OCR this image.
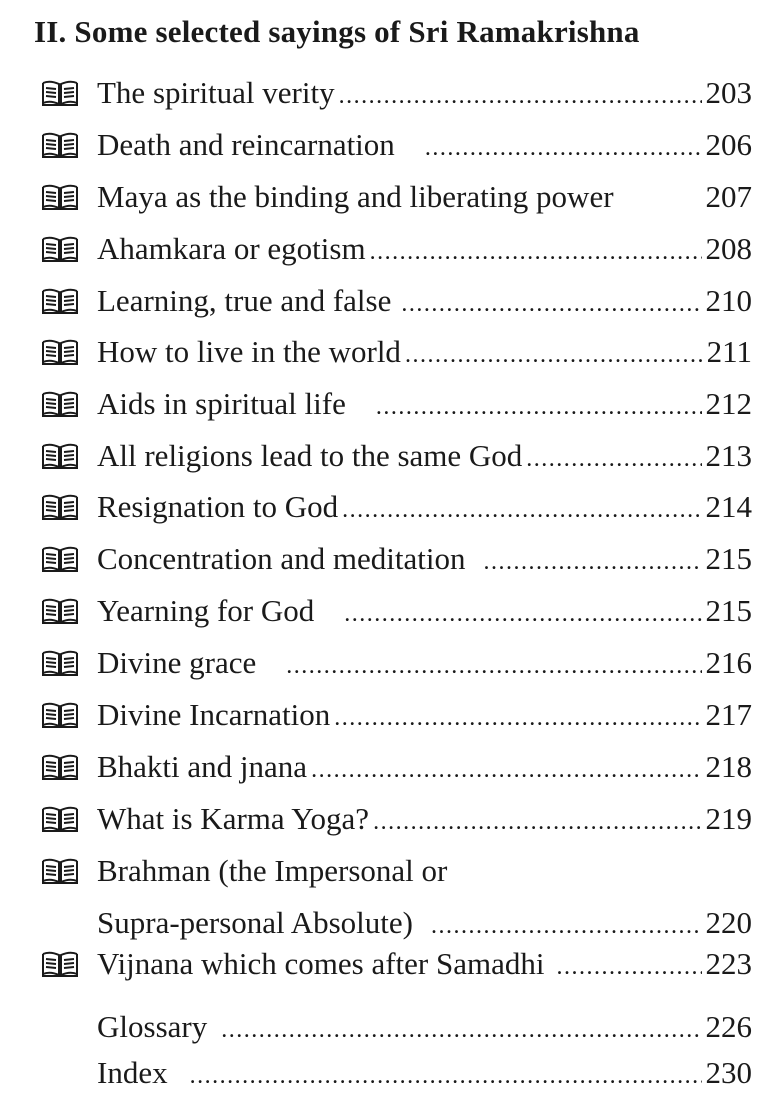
II. Some selected sayings of Sri Ramakrishna
The spiritual verity .....	203
Death and reincarnation .....	206
Maya as the binding and liberating power	207
Ahamkara or egotism .....	208
Learning, true and false .....	210
How to live in the world .....	211
Aids in spiritual life .....	212
All religions lead to the same God .....	213
Resignation to God .....	214
Concentration and meditation .....	215
Yearning for God .....	215
Divine grace .....	216
Divine Incarnation .....	217
Bhakti and jnana .....	218
What is Karma Yoga? .....	219
Brahman (the Impersonal or
Supra-personal Absolute) .....	220
Vijnana which comes after Samadhi .....	223
Glossary .....	226
Index .....	230
